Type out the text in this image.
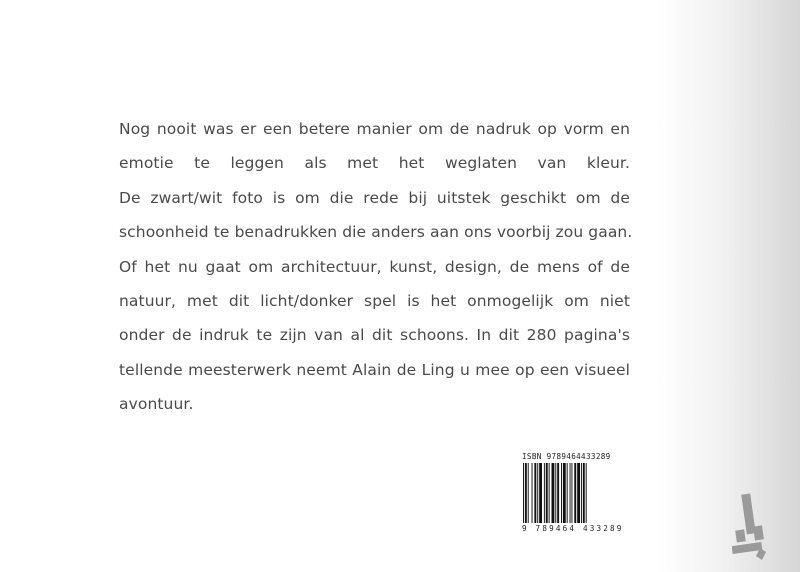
Nog nooit was er een betere manier om de nadruk op vorm en
emotie te leggen als met het weglaten van kleur.
De zwart/wit foto is om die rede bij uitstek geschikt om de
schoonheid te benadrukken die anders aan ons voorbij zou gaan.
Of het nu gaat om architectuur, kunst, design, de mens of de
natuur, met dit licht/donker spel is het onmogelijk om niet
onder de indruk te zijn van al dit schoons. In dit 280 pagina's
tellende meesterwerk neemt Alain de Ling u mee op een visueel
avontuur.
ISBN 9789464433289
9 789464 433289
